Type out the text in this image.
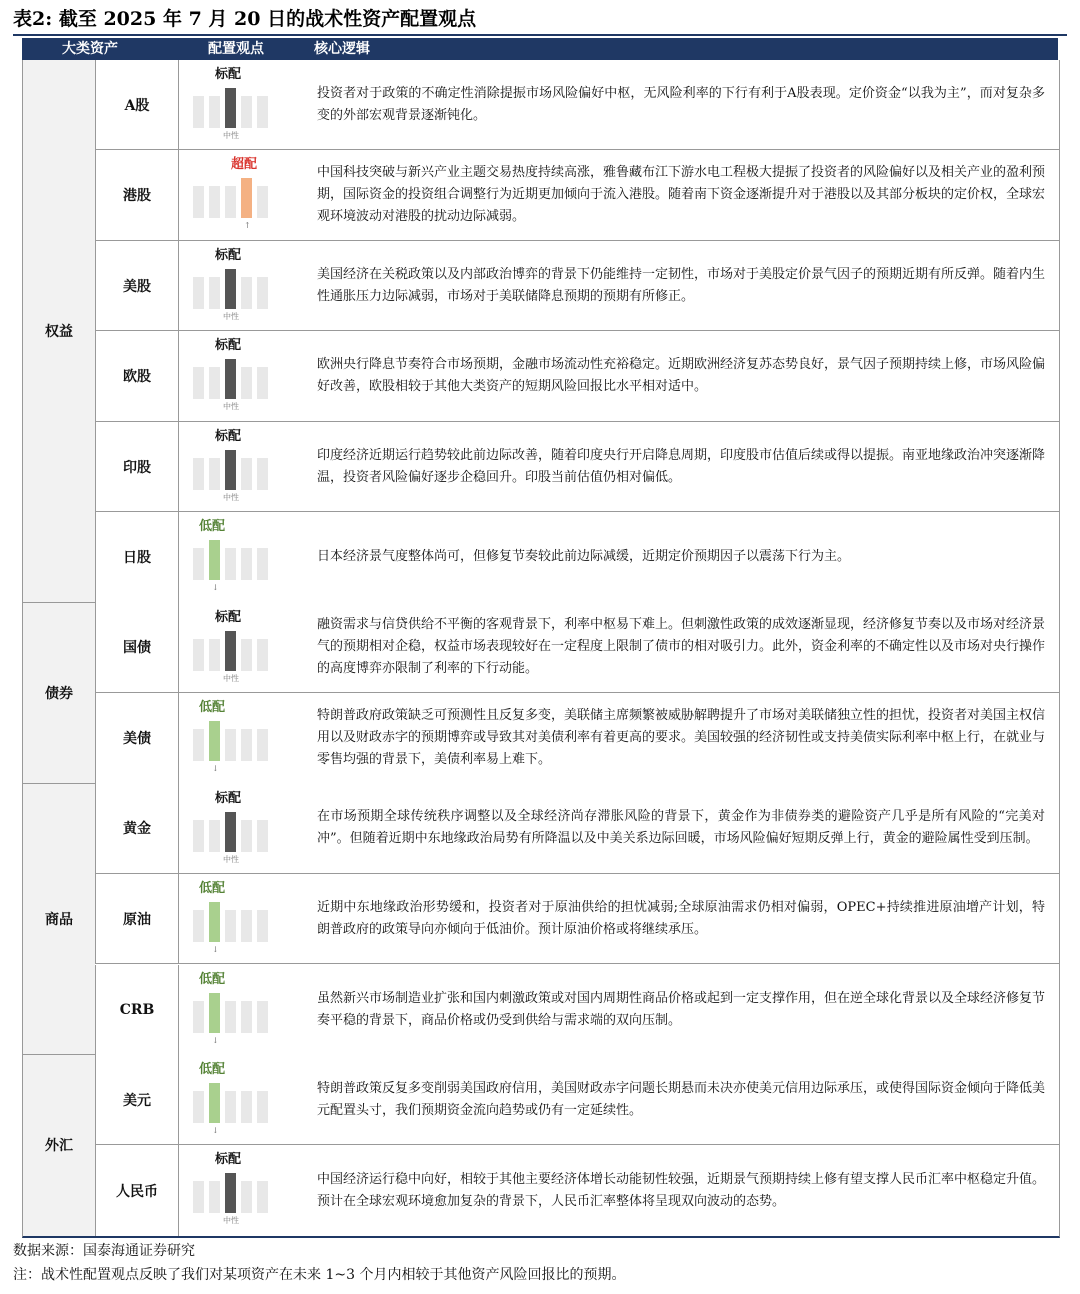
表2: 截至 2025 年 7 月 20 日的战术性资产配置观点
大类资产	配置观点	核心逻辑
A股
标配
中性

投资者对于政策的不确定性消除提振市场风险偏好中枢，无风险利率的下行有利于A股表现。定价资金“以我为主”，而对复杂多变的外部宏观背景逐渐钝化。

港股
超配
↑

中国科技突破与新兴产业主题交易热度持续高涨，雅鲁藏布江下游水电工程极大提振了投资者的风险偏好以及相关产业的盈利预期，国际资金的投资组合调整行为近期更加倾向于流入港股。随着南下资金逐渐提升对于港股以及其部分板块的定价权，全球宏观环境波动对港股的扰动边际减弱。

美股
标配
中性

美国经济在关税政策以及内部政治博弈的背景下仍能维持一定韧性，市场对于美股定价景气因子的预期近期有所反弹。随着内生性通胀压力边际减弱，市场对于美联储降息预期的预期有所修正。

欧股
标配
中性

欧洲央行降息节奏符合市场预期，金融市场流动性充裕稳定。近期欧洲经济复苏态势良好，景气因子预期持续上修，市场风险偏好改善，欧股相较于其他大类资产的短期风险回报比水平相对适中。

印股
标配
中性

印度经济近期运行趋势较此前边际改善，随着印度央行开启降息周期，印度股市估值后续或得以提振。南亚地缘政治冲突逐渐降温，投资者风险偏好逐步企稳回升。印股当前估值仍相对偏低。

日股
低配
↓

日本经济景气度整体尚可，但修复节奏较此前边际减缓，近期定价预期因子以震荡下行为主。

权益
国债
标配
中性

融资需求与信贷供给不平衡的客观背景下，利率中枢易下难上。但刺激性政策的成效逐渐显现，经济修复节奏以及市场对经济景气的预期相对企稳，权益市场表现较好在一定程度上限制了债市的相对吸引力。此外，资金利率的不确定性以及市场对央行操作的高度博弈亦限制了利率的下行动能。

美债
低配
↓

特朗普政府政策缺乏可预测性且反复多变，美联储主席频繁被威胁解聘提升了市场对美联储独立性的担忧，投资者对美国主权信用以及财政赤字的预期博弈或导致其对美债利率有着更高的要求。美国较强的经济韧性或支持美债实际利率中枢上行，在就业与零售均强的背景下，美债利率易上难下。

债券
黄金
标配
中性

在市场预期全球传统秩序调整以及全球经济尚存滞胀风险的背景下，黄金作为非债券类的避险资产几乎是所有风险的“完美对冲”。但随着近期中东地缘政治局势有所降温以及中美关系边际回暖，市场风险偏好短期反弹上行，黄金的避险属性受到压制。

原油
低配
↓

近期中东地缘政治形势缓和，投资者对于原油供给的担忧减弱;全球原油需求仍相对偏弱，OPEC+持续推进原油增产计划，特朗普政府的政策导向亦倾向于低油价。预计原油价格或将继续承压。

CRB
低配
↓

虽然新兴市场制造业扩张和国内刺激政策或对国内周期性商品价格或起到一定支撑作用，但在逆全球化背景以及全球经济修复节奏平稳的背景下，商品价格或仍受到供给与需求端的双向压制。

商品
美元
低配
↓

特朗普政策反复多变削弱美国政府信用，美国财政赤字问题长期悬而未决亦使美元信用边际承压，或使得国际资金倾向于降低美元配置头寸，我们预期资金流向趋势或仍有一定延续性。

人民币
标配
中性

中国经济运行稳中向好，相较于其他主要经济体增长动能韧性较强，近期景气预期持续上修有望支撑人民币汇率中枢稳定升值。预计在全球宏观环境愈加复杂的背景下，人民币汇率整体将呈现双向波动的态势。

外汇
数据来源：国泰海通证券研究
注：战术性配置观点反映了我们对某项资产在未来 1~3 个月内相较于其他资产风险回报比的预期。
